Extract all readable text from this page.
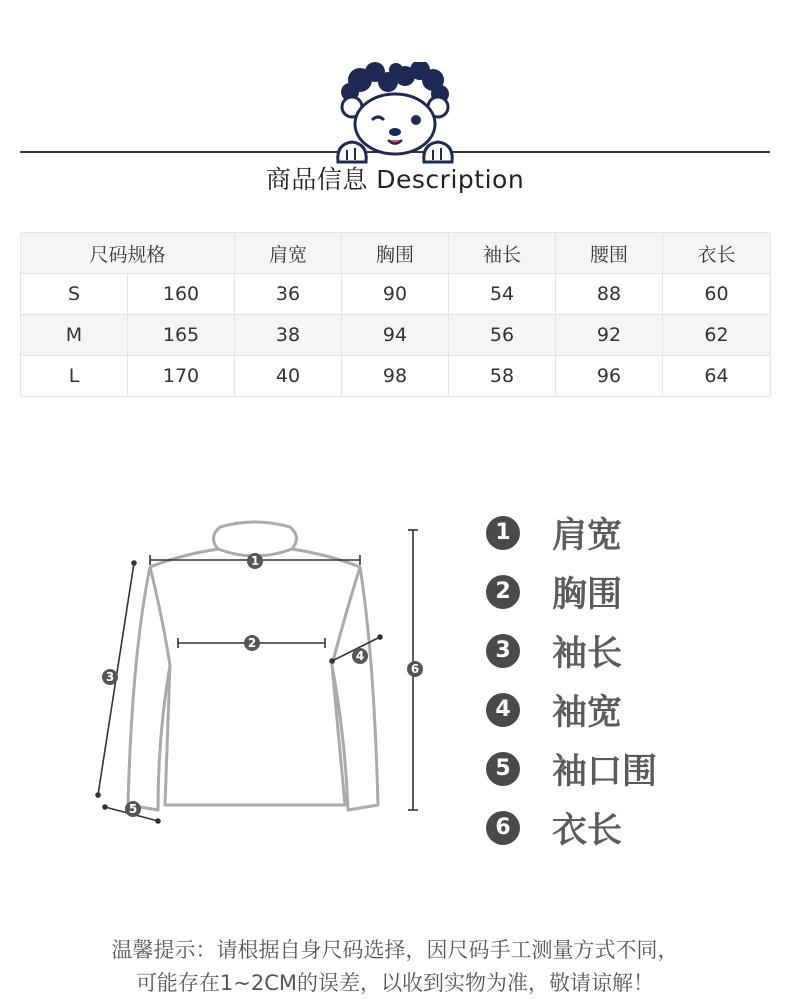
商品信息 Description
尺码规格		肩宽	胸围	袖长	腰围	衣长
S	160	36	90	54	88	60
M	165	38	94	56	92	62
L	170	40	98	58	96	64
1
2
3
4
5
6
1 肩宽
2 胸围
3 袖长
4 袖宽
5 袖口围
6 衣长
温馨提示：请根据自身尺码选择，因尺码手工测量方式不同，
可能存在1~2CM的误差，以收到实物为准，敬请谅解！
